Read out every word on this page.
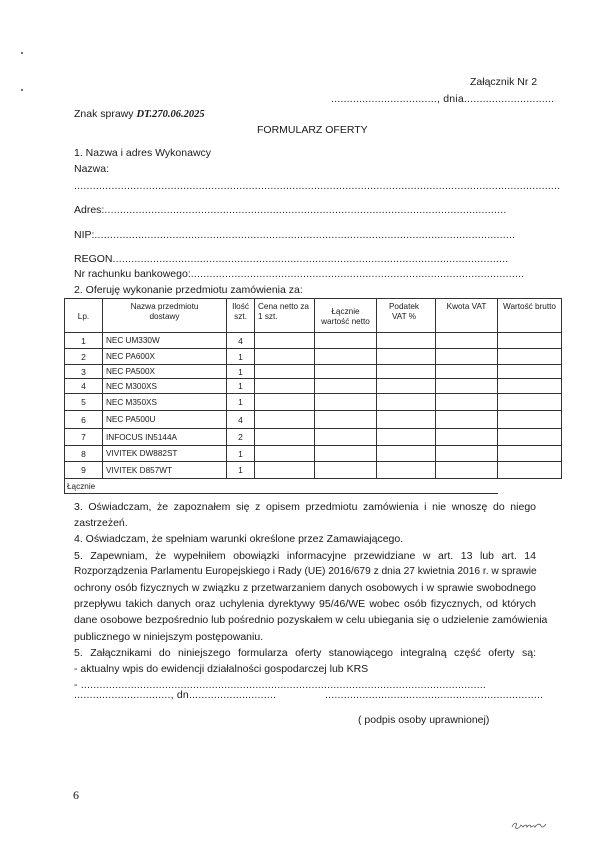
Załącznik Nr 2
.................................., dnia.............................
Znak sprawy DT.270.06.2025
FORMULARZ OFERTY
1. Nazwa i adres Wykonawcy
Nazwa:
............................................................................................................................................................
Adres:.................................................................................................................................
NIP:.......................................................................................................................................
REGON...............................................................................................................................
Nr rachunku bankowego:...........................................................................................................
2. Oferuję wykonanie przedmiotu zamówienia za:
Lp.	Nazwa przedmiotu dostawy	Ilość szt.	Cena netto za 1 szt.	Łącznie wartość netto	Podatek VAT %	Kwota VAT	Wartość brutto
1	NEC UM330W	4					
2	NEC PA600X	1					
3	NEC PA500X	1					
4	NEC M300XS	1					
5	NEC M350XS	1					
6	NEC PA500U	4					
7	INFOCUS IN5144A	2					
8	VIVITEK DW882ST	1					
9	VIVITEK D857WT	1					
Łącznie							
3. Oświadczam, że zapoznałem się z opisem przedmiotu zamówienia i nie wnoszę do niego
zastrzeżeń.
4. Oświadczam, że spełniam warunki określone przez Zamawiającego.
5. Zapewniam, że wypełniłem obowiązki informacyjne przewidziane w art. 13 lub art. 14
Rozporządzenia Parlamentu Europejskiego i Rady (UE) 2016/679 z dnia 27 kwietnia 2016 r. w sprawie
ochrony osób fizycznych w związku z przetwarzaniem danych osobowych i w sprawie swobodnego
przepływu takich danych oraz uchylenia dyrektywy 95/46/WE wobec osób fizycznych, od których
dane osobowe bezpośrednio lub pośrednio pozyskałem w celu ubiegania się o udzielenie zamówienia
publicznego w niniejszym postępowaniu.
5. Załącznikami do niniejszego formularza oferty stanowiącego integralną część oferty są:
- aktualny wpis do ewidencji działalności gospodarczej lub KRS
- ..................................................................................................................................
..............................., dn............................	......................................................................
( podpis osoby uprawnionej)
6
